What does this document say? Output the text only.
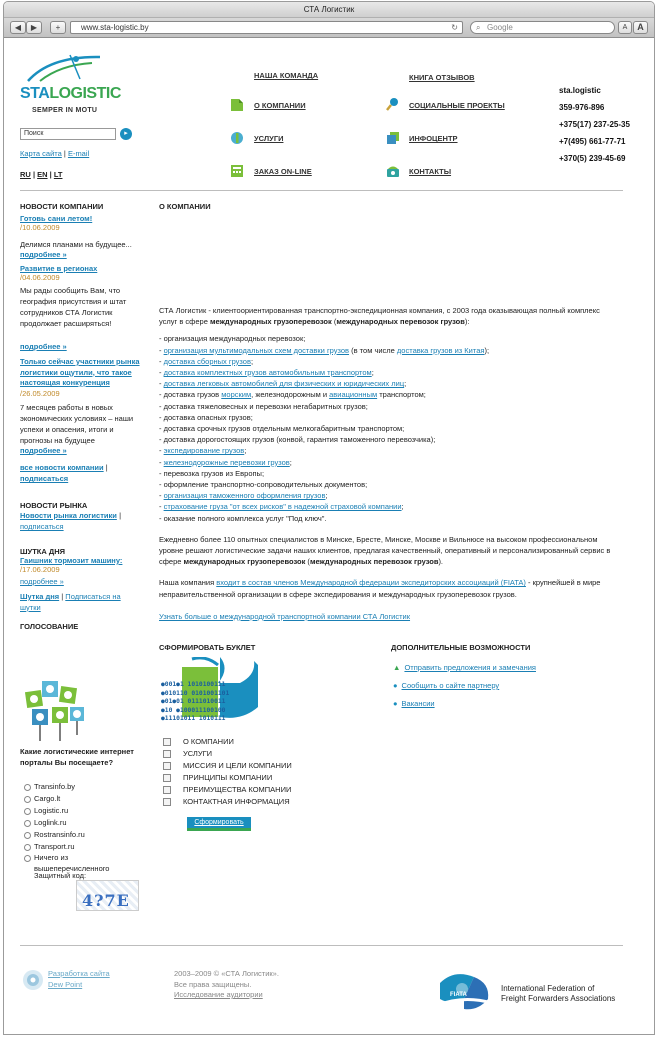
СТА Логистик
◀	▶	+	www.sta-logistic.by	↻ ⌕ Google	A	A
STALOGISTIC
SEMPER IN MOTU
Поиск	▸
Карта сайта | E-mail
RU | EN | LT
НАША КОМАНДА	КНИГА ОТЗЫВОВ
О КОМПАНИИ	СОЦИАЛЬНЫЕ ПРОЕКТЫ
УСЛУГИ	ИНФОЦЕНТР
ЗАКАЗ ON-LINE	КОНТАКТЫ
sta.logistic
359-976-896
+375(17) 237-25-35
+7(495) 661-77-71
+370(5) 239-45-69
НОВОСТИ КОМПАНИИ
Готовь сани летом!
/10.06.2009
Делимся планами на будущее...
подробнее »
Развитие в регионах
/04.06.2009
Мы рады сообщить Вам, что география присутствия и штат сотрудников СТА Логистик продолжает расширяться!
подробнее »
Только сейчас участники рынка логистики ощутили, что такое настоящая конкуренция /26.05.2009
7 месяцев работы в новых экономических условиях – наши успехи и опасения, итоги и прогнозы на будущее
подробнее »
все новости компании |
подписаться
НОВОСТИ РЫНКА
Новости рынка логистики |
подписаться
ШУТКА ДНЯ
Гаишник тормозит машину:
/17.06.2009
подробнее »
Шутка дня | Подписаться на шутки
ГОЛОСОВАНИЕ
Какие логистические интернет порталы Вы посещаете?
Transinfo.by
Cargo.lt
Logistic.ru
Loglink.ru
Rostransinfo.ru
Transport.ru
Ничего из вышеперечисленного
Защитный код:
4?7E
О КОМПАНИИ

СТА Логистик - клиентоориентированная транспортно-экспедиционная компания, с 2003 года оказывающая полный комплекс услуг в сфере международных грузоперевозок (международных перевозок грузов):

- организация международных перевозок;
- организация мультимодальных схем доставки грузов (в том числе доставка грузов из Китая);
- доставка сборных грузов;
- доставка комплектных грузов автомобильным транспортом;
- доставка легковых автомобилей для физических и юридических лиц;
- доставка грузов морским, железнодорожным и авиационным транспортом;
- доставка тяжеловесных и перевозки негабаритных грузов;
- доставка опасных грузов;
- доставка срочных грузов отдельным мелкогабаритным транспортом;
- доставка дорогостоящих грузов (конвой, гарантия таможенного перевозчика);
- экспедирование грузов;
- железнодорожные перевозки грузов;
- перевозка грузов из Европы;
- оформление транспортно-сопроводительных документов;
- организация таможенного оформления грузов;
- страхование груза "от всех рисков" в надежной страховой компании;
- оказание полного комплекса услуг "Под ключ".

Ежедневно более 110 опытных специалистов в Минске, Бресте, Минске, Москве и Вильнюсе на высоком профессиональном уровне решают логистические задачи наших клиентов, предлагая качественный, оперативный и персонализированный сервис в сфере международных грузоперевозок (международных перевозок грузов).

Наша компания входит в состав членов Международной федерации экспедиторских ассоциаций (FIATA) - крупнейшей в мире неправительственной организации в сфере экспедирования и международных грузоперевозок грузов.

Узнать больше о международной транспортной компании СТА Логистик

СФОРМИРОВАТЬ БУКЛЕТ
●001●1 1010100111
●010110 0101001101
●01●01 0111010011
●10 ●100011100100
●11101011 1010111
О КОМПАНИИ
УСЛУГИ
МИССИЯ И ЦЕЛИ КОМПАНИИ
ПРИНЦИПЫ КОМПАНИИ
ПРЕИМУЩЕСТВА КОМПАНИИ
КОНТАКТНАЯ ИНФОРМАЦИЯ
Сформировать
ДОПОЛНИТЕЛЬНЫЕ ВОЗМОЖНОСТИ
▲ Отправить предложения и замечания
● Сообщить о сайте партнеру
● Вакансии
Разработка сайта
Dew Point
2003–2009 © «СТА Логистик».
Все права защищены.
Исследование аудитории	FIATA
International Federation of
Freight Forwarders Associations
